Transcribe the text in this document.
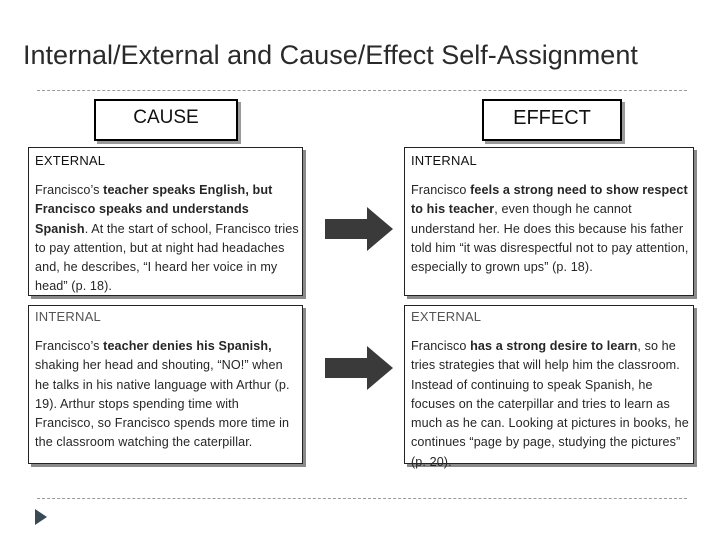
Internal/External and Cause/Effect Self-Assignment
CAUSE	EFFECT
EXTERNAL	INTERNAL
Francisco’s teacher speaks English, but Francisco speaks and understands Spanish. At the start of school, Francisco tries to pay attention, but at night had headaches and, he describes, “I heard her voice in my head” (p. 18).
Francisco feels a strong need to show respect to his teacher, even though he cannot understand her. He does this because his father told him “it was disrespectful not to pay attention, especially to grown ups” (p. 18).
INTERNAL	EXTERNAL
Francisco’s teacher denies his Spanish, shaking her head and shouting, “NO!” when he talks in his native language with Arthur (p. 19). Arthur stops spending time with Francisco, so Francisco spends more time in the classroom watching the caterpillar.
Francisco has a strong desire to learn, so he tries strategies that will help him the classroom. Instead of continuing to speak Spanish, he focuses on the caterpillar and tries to learn as much as he can. Looking at pictures in books, he continues “page by page, studying the pictures” (p. 20).
